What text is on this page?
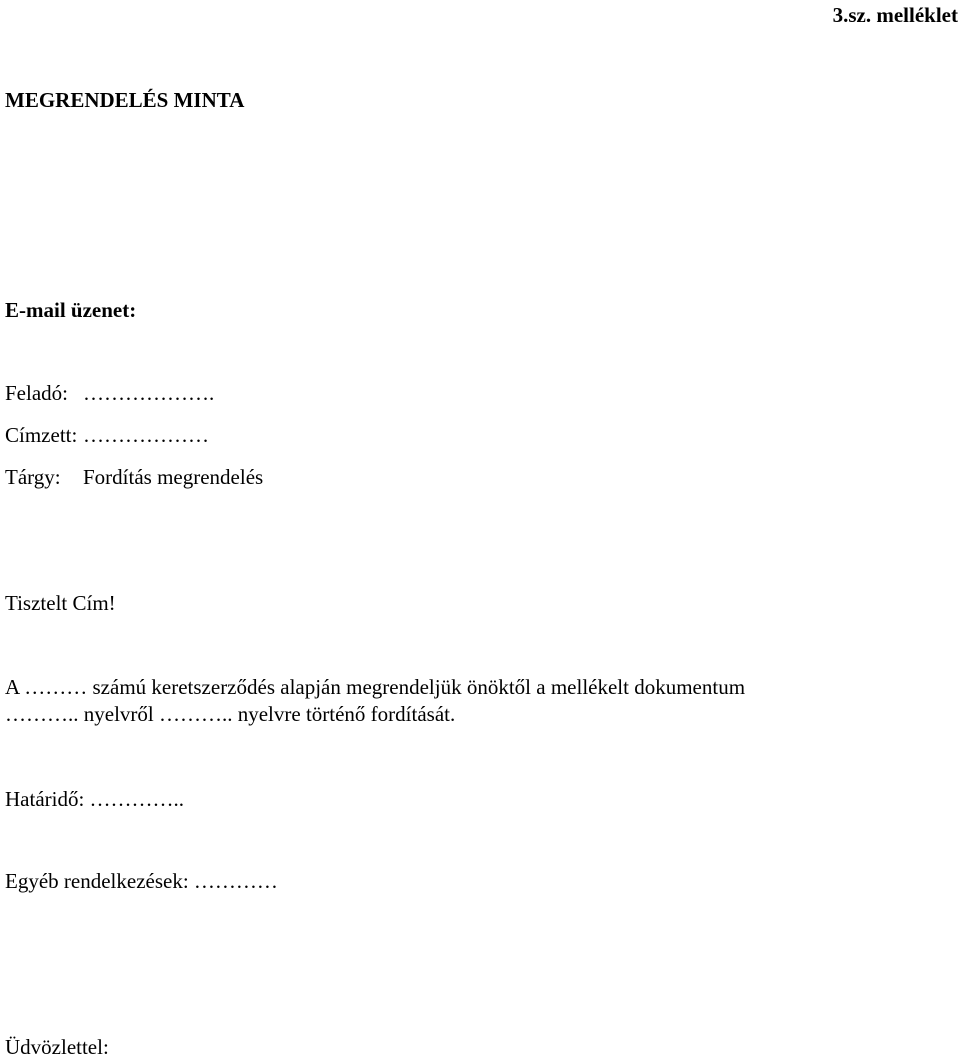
3.sz. melléklet
MEGRENDELÉS MINTA
E-mail üzenet:
Feladó: ……………….
Címzett: ………………
Tárgy: Fordítás megrendelés
Tisztelt Cím!
A ……… számú keretszerződés alapján megrendeljük önöktől a mellékelt dokumentum
……….. nyelvről ……….. nyelvre történő fordítását.
Határidő: …………..
Egyéb rendelkezések: …………
Üdvözlettel:
